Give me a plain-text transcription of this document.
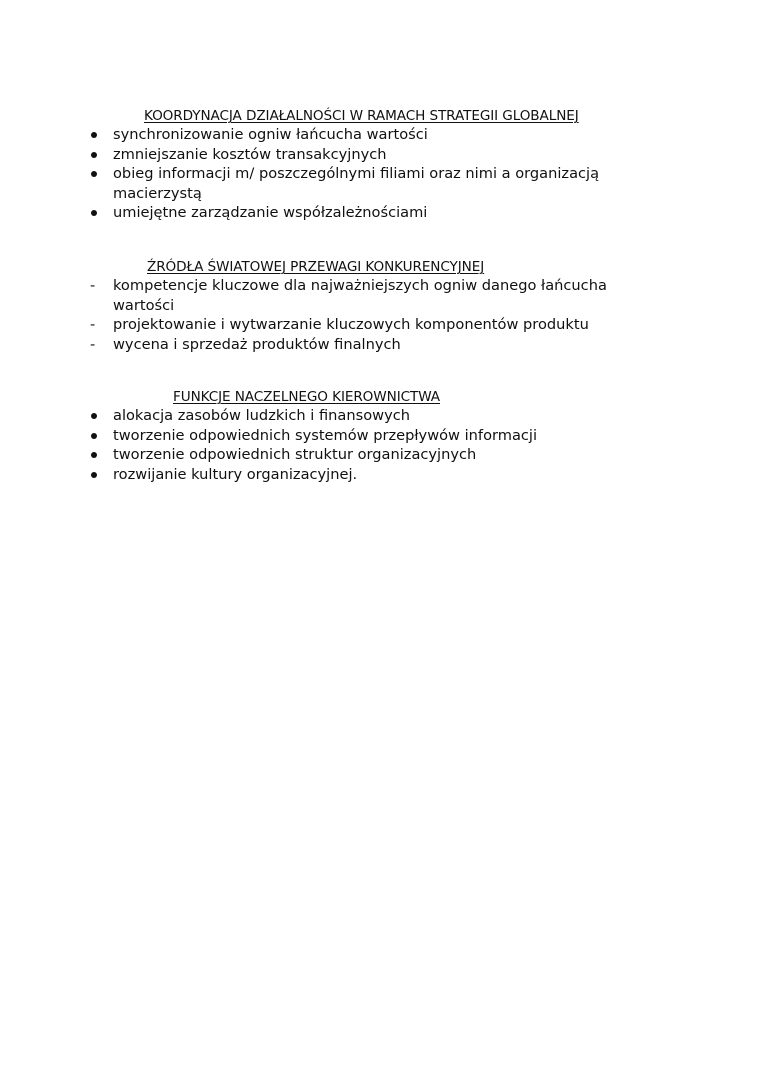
KOORDYNACJA DZIAŁALNOŚCI W RAMACH STRATEGII GLOBALNEJ

synchronizowanie ogniw łańcucha wartości
zmniejszanie kosztów transakcyjnych
obieg informacji m/ poszczególnymi filiami oraz nimi a organizacją macierzystą
umiejętne zarządzanie współzależnościami

ŹRÓDŁA ŚWIATOWEJ PRZEWAGI KONKURENCYJNEJ

-	kompetencje kluczowe dla najważniejszych ogniw danego łańcucha wartości
-	projektowanie i wytwarzanie kluczowych komponentów produktu
-	wycena i sprzedaż produktów finalnych

FUNKCJE NACZELNEGO KIEROWNICTWA

alokacja zasobów ludzkich i finansowych
tworzenie odpowiednich systemów przepływów informacji
tworzenie odpowiednich struktur organizacyjnych
rozwijanie kultury organizacyjnej.
